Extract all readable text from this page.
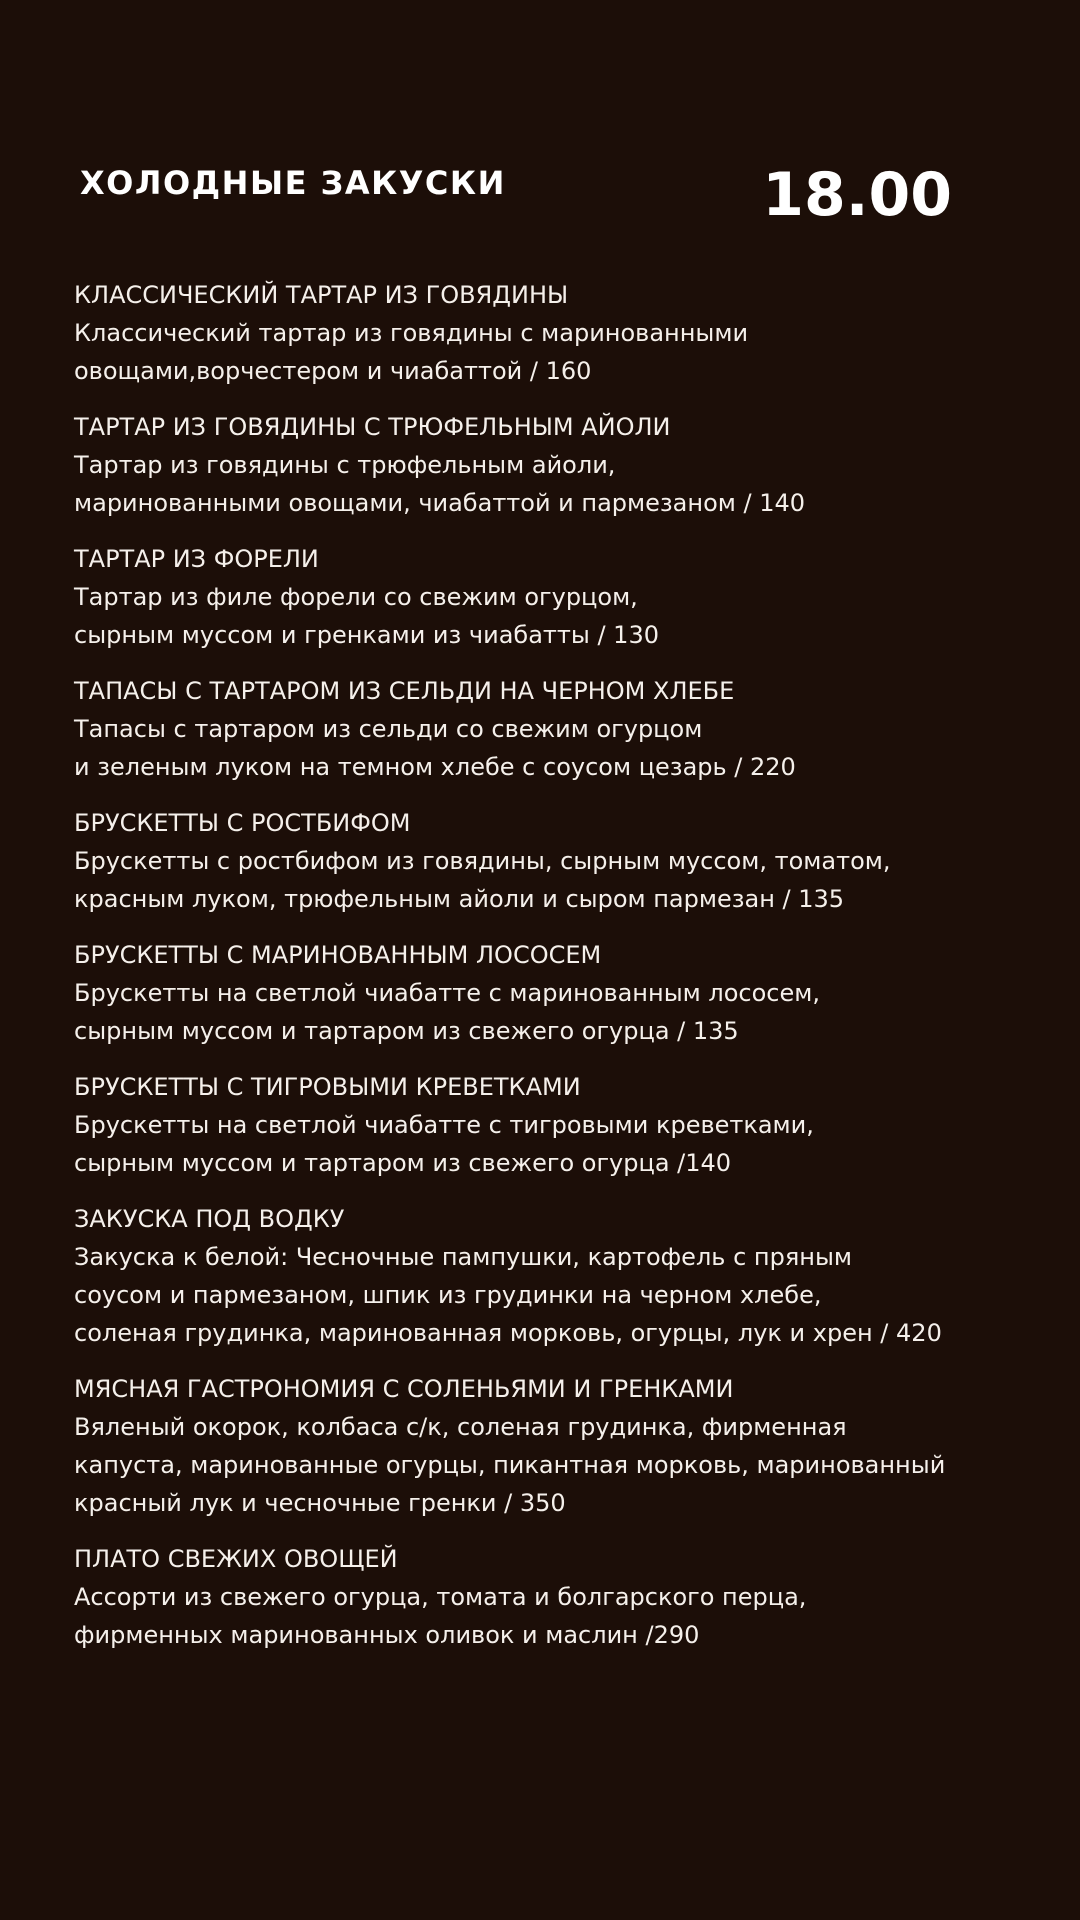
ХОЛОДНЫЕ ЗАКУСКИ	18.00
КЛАССИЧЕСКИЙ ТАРТАР ИЗ ГОВЯДИНЫ
Классический тартар из говядины с маринованными
овощами,ворчестером и чиабаттой / 160
ТАРТАР ИЗ ГОВЯДИНЫ С ТРЮФЕЛЬНЫМ АЙОЛИ
Тартар из говядины с трюфельным айоли,
маринованными овощами, чиабаттой и пармезаном / 140
ТАРТАР ИЗ ФОРЕЛИ
Тартар из филе форели со свежим огурцом,
сырным муссом и гренками из чиабатты / 130
ТАПАСЫ С ТАРТАРОМ ИЗ СЕЛЬДИ НА ЧЕРНОМ ХЛЕБЕ
Тапасы с тартаром из сельди со свежим огурцом
и зеленым луком на темном хлебе с соусом цезарь / 220
БРУСКЕТТЫ С РОСТБИФОМ
Брускетты с ростбифом из говядины, сырным муссом, томатом,
красным луком, трюфельным айоли и сыром пармезан / 135
БРУСКЕТТЫ С МАРИНОВАННЫМ ЛОСОСЕМ
Брускетты на светлой чиабатте с маринованным лососем,
сырным муссом и тартаром из свежего огурца / 135
БРУСКЕТТЫ С ТИГРОВЫМИ КРЕВЕТКАМИ
Брускетты на светлой чиабатте с тигровыми креветками,
сырным муссом и тартаром из свежего огурца /140
ЗАКУСКА ПОД ВОДКУ
Закуска к белой: Чесночные пампушки, картофель с пряным
соусом и пармезаном, шпик из грудинки на черном хлебе,
соленая грудинка, маринованная морковь, огурцы, лук и хрен / 420
МЯСНАЯ ГАСТРОНОМИЯ С СОЛЕНЬЯМИ И ГРЕНКАМИ
Вяленый окорок, колбаса с/к, соленая грудинка, фирменная
капуста, маринованные огурцы, пикантная морковь, маринованный
красный лук и чесночные гренки / 350
ПЛАТО СВЕЖИХ ОВОЩЕЙ
Ассорти из свежего огурца, томата и болгарского перца,
фирменных маринованных оливок и маслин /290
